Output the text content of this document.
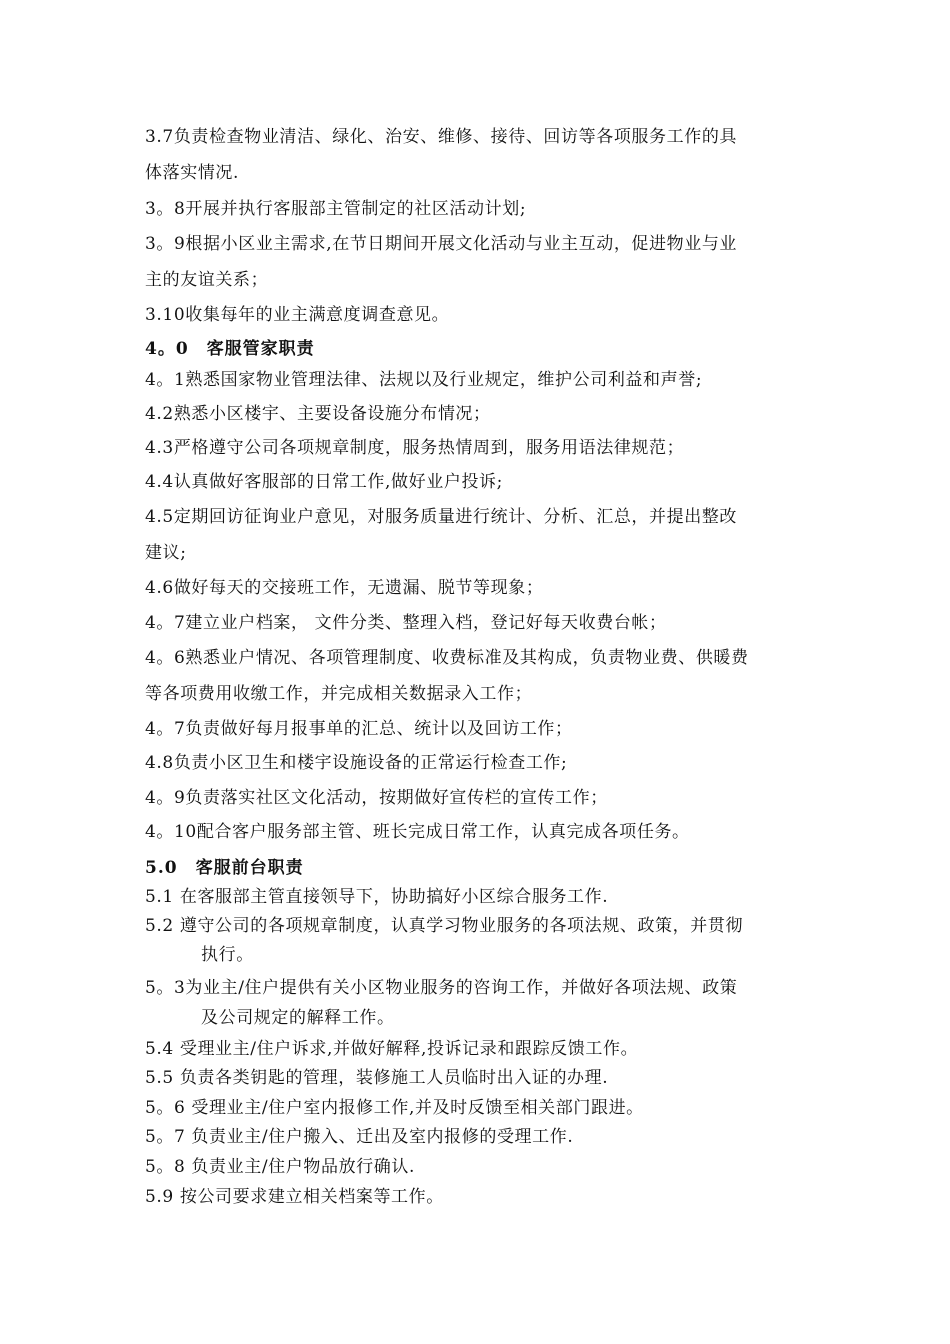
3.7负责检查物业清洁、绿化、治安、维修、接待、回访等各项服务工作的具
体落实情况.
3。8开展并执行客服部主管制定的社区活动计划;
3。9根据小区业主需求,在节日期间开展文化活动与业主互动，促进物业与业
主的友谊关系；
3.10收集每年的业主满意度调查意见。
4。0　客服管家职责
4。1熟悉国家物业管理法律、法规以及行业规定，维护公司利益和声誉;
4.2熟悉小区楼宇、主要设备设施分布情况；
4.3严格遵守公司各项规章制度，服务热情周到，服务用语法律规范；
4.4认真做好客服部的日常工作,做好业户投诉;
4.5定期回访征询业户意见，对服务质量进行统计、分析、汇总，并提出整改
建议;
4.6做好每天的交接班工作，无遗漏、脱节等现象；
4。7建立业户档案， 文件分类、整理入档，登记好每天收费台帐；
4。6熟悉业户情况、各项管理制度、收费标准及其构成，负责物业费、供暖费
等各项费用收缴工作，并完成相关数据录入工作；
4。7负责做好每月报事单的汇总、统计以及回访工作；
4.8负责小区卫生和楼宇设施设备的正常运行检查工作;
4。9负责落实社区文化活动，按期做好宣传栏的宣传工作；
4。10配合客户服务部主管、班长完成日常工作，认真完成各项任务。
5.0　客服前台职责
5.1 在客服部主管直接领导下，协助搞好小区综合服务工作.
5.2 遵守公司的各项规章制度，认真学习物业服务的各项法规、政策，并贯彻
执行。
5。3为业主/住户提供有关小区物业服务的咨询工作，并做好各项法规、政策
及公司规定的解释工作。
5.4 受理业主/住户诉求,并做好解释,投诉记录和跟踪反馈工作。
5.5 负责各类钥匙的管理，装修施工人员临时出入证的办理.
5。6 受理业主/住户室内报修工作,并及时反馈至相关部门跟进。
5。7 负责业主/住户搬入、迁出及室内报修的受理工作.
5。8 负责业主/住户物品放行确认.
5.9 按公司要求建立相关档案等工作。
